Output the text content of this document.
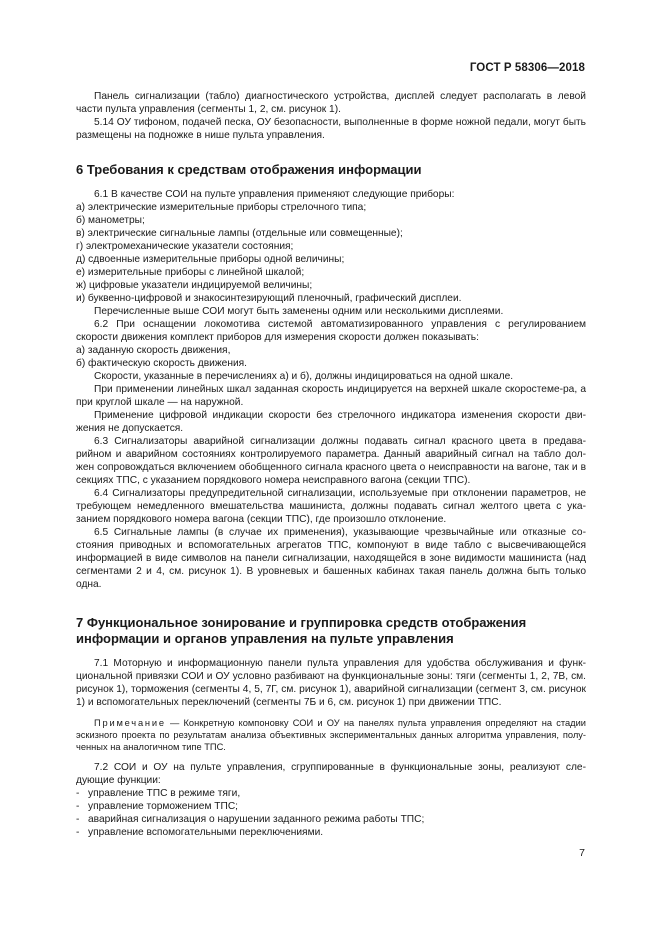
ГОСТ Р 58306—2018

Панель сигнализации (табло) диагностического устройства, дисплей следует располагать в левой части пульта управления (сегменты 1, 2, см. рисунок 1).

5.14 ОУ тифоном, подачей песка, ОУ безопасности, выполненные в форме ножной педали, могут быть размещены на подножке в нише пульта управления.

6 Требования к средствам отображения информации

6.1 В качестве СОИ на пульте управления применяют следующие приборы:

а) электрические измерительные приборы стрелочного типа;

б) манометры;

в) электрические сигнальные лампы (отдельные или совмещенные);

г) электромеханические указатели состояния;

д) сдвоенные измерительные приборы одной величины;

е) измерительные приборы с линейной шкалой;

ж) цифровые указатели индицируемой величины;

и) буквенно-цифровой и знакосинтезирующий пленочный, графический дисплеи.

Перечисленные выше СОИ могут быть заменены одним или несколькими дисплеями.

6.2 При оснащении локомотива системой автоматизированного управления с регулированием скорости движения комплект приборов для измерения скорости должен показывать:

а) заданную скорость движения,

б) фактическую скорость движения.

Скорости, указанные в перечислениях а) и б), должны индицироваться на одной шкале.

При применении линейных шкал заданная скорость индицируется на верхней шкале скоростеме-ра, а при круглой шкале — на наружной.

Применение цифровой индикации скорости без стрелочного индикатора изменения скорости дви-жения не допускается.

6.3 Сигнализаторы аварийной сигнализации должны подавать сигнал красного цвета в предава-рийном и аварийном состояниях контролируемого параметра. Данный аварийный сигнал на табло дол-жен сопровождаться включением обобщенного сигнала красного цвета о неисправности на вагоне, так и в секциях ТПС, с указанием порядкового номера неисправного вагона (секции ТПС).

6.4 Сигнализаторы предупредительной сигнализации, используемые при отклонении параметров, не требующем немедленного вмешательства машиниста, должны подавать сигнал желтого цвета с ука-занием порядкового номера вагона (секции ТПС), где произошло отклонение.

6.5 Сигнальные лампы (в случае их применения), указывающие чрезвычайные или отказные со-стояния приводных и вспомогательных агрегатов ТПС, компонуют в виде табло с высвечивающейся информацией в виде символов на панели сигнализации, находящейся в зоне видимости машиниста (над сегментами 2 и 4, см. рисунок 1). В уровневых и башенных кабинах такая панель должна быть только одна.

7 Функциональное зонирование и группировка средств отображения информации и органов управления на пульте управления

7.1 Моторную и информационную панели пульта управления для удобства обслуживания и функ-циональной привязки СОИ и ОУ условно разбивают на функциональные зоны: тяги (сегменты 1, 2, 7В, см. рисунок 1), торможения (сегменты 4, 5, 7Г, см. рисунок 1), аварийной сигнализации (сегмент 3, см. рисунок 1) и вспомогательных переключений (сегменты 7Б и 6, см. рисунок 1) при движении ТПС.

Примечание — Конкретную компоновку СОИ и ОУ на панелях пульта управления определяют на стадии эскизного проекта по результатам анализа объективных экспериментальных данных алгоритма управления, полу-ченных на аналогичном типе ТПС.

7.2 СОИ и ОУ на пульте управления, сгруппированные в функциональные зоны, реализуют сле-дующие функции:

- управление ТПС в режиме тяги,
- управление торможением ТПС;
- аварийная сигнализация о нарушении заданного режима работы ТПС;
- управление вспомогательными переключениями.
7
